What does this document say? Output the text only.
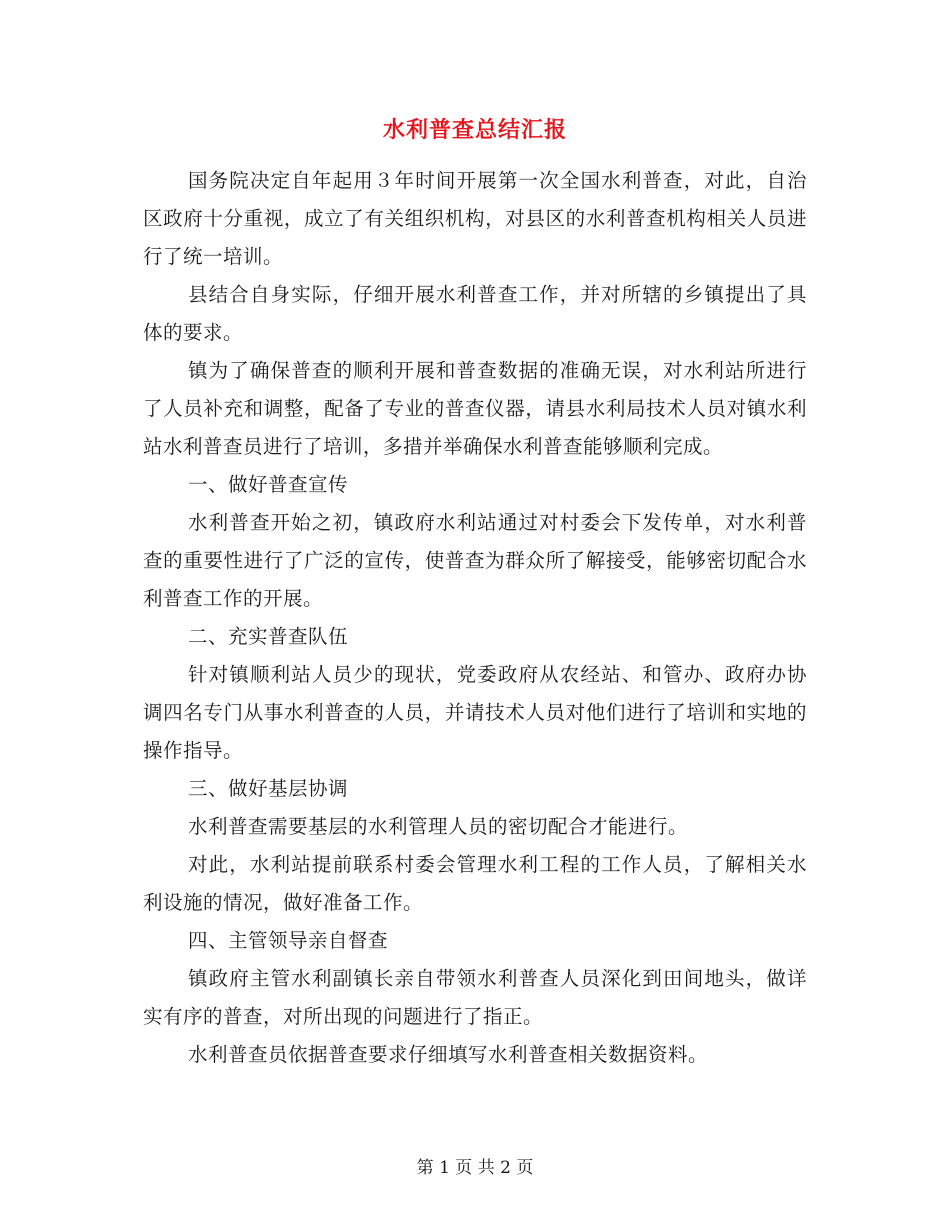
水利普查总结汇报

国务院决定自年起用３年时间开展第一次全国水利普查，对此，自治区政府十分重视，成立了有关组织机构，对县区的水利普查机构相关人员进行了统一培训。

县结合自身实际，仔细开展水利普查工作，并对所辖的乡镇提出了具体的要求。

镇为了确保普查的顺利开展和普查数据的准确无误，对水利站所进行了人员补充和调整，配备了专业的普查仪器，请县水利局技术人员对镇水利站水利普查员进行了培训，多措并举确保水利普查能够顺利完成。

一、做好普查宣传

水利普查开始之初，镇政府水利站通过对村委会下发传单，对水利普查的重要性进行了广泛的宣传，使普查为群众所了解接受，能够密切配合水利普查工作的开展。

二、充实普查队伍

针对镇顺利站人员少的现状，党委政府从农经站、和管办、政府办协调四名专门从事水利普查的人员，并请技术人员对他们进行了培训和实地的操作指导。

三、做好基层协调

水利普查需要基层的水利管理人员的密切配合才能进行。

对此，水利站提前联系村委会管理水利工程的工作人员，了解相关水利设施的情况，做好准备工作。

四、主管领导亲自督查

镇政府主管水利副镇长亲自带领水利普查人员深化到田间地头，做详实有序的普查，对所出现的问题进行了指正。

水利普查员依据普查要求仔细填写水利普查相关数据资料。

第 1 页 共 2 页
